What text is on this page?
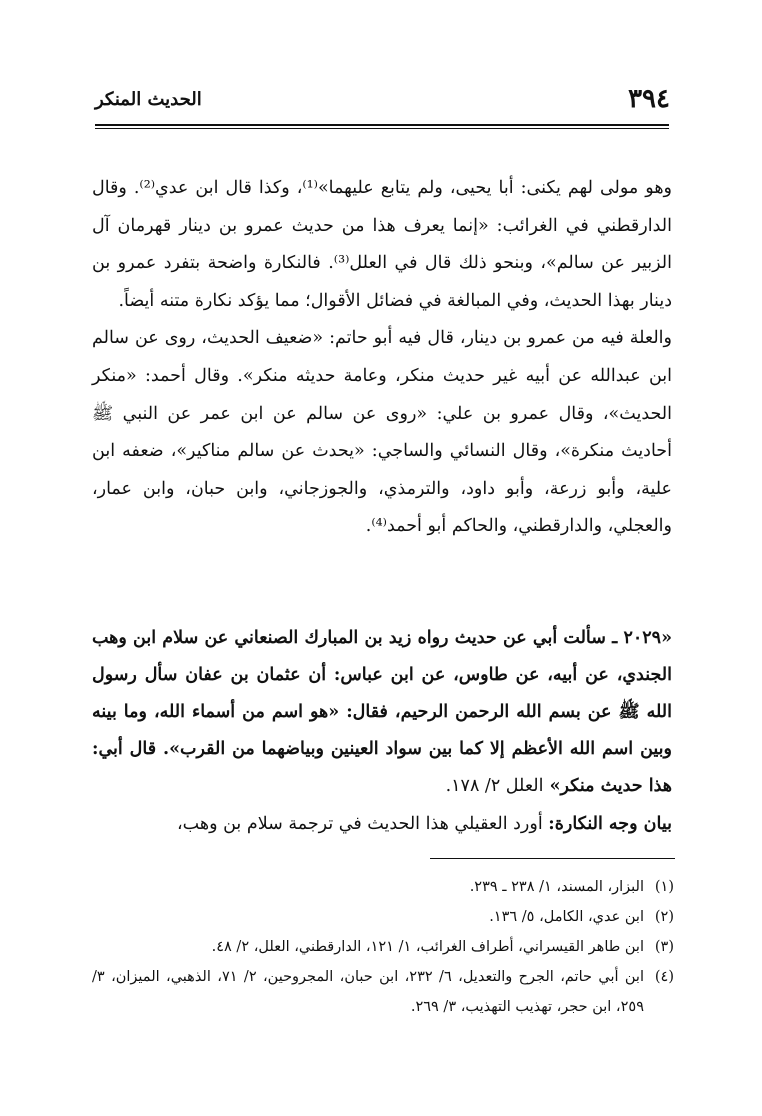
٣٩٤
الحديث المنكر

وهو مولى لهم يكنى: أبا يحيى، ولم يتابع عليهما»⁽¹⁾، وكذا قال ابن عدي⁽²⁾. وقال الدارقطني في الغرائب: «إنما يعرف هذا من حديث عمرو بن دينار قهرمان آل الزبير عن سالم»، وبنحو ذلك قال في العلل⁽³⁾. فالنكارة واضحة بتفرد عمرو بن دينار بهذا الحديث، وفي المبالغة في فضائل الأقوال؛ مما يؤكد نكارة متنه أيضاً.

والعلة فيه من عمرو بن دينار، قال فيه أبو حاتم: «ضعيف الحديث، روى عن سالم ابن عبدالله عن أبيه غير حديث منكر، وعامة حديثه منكر». وقال أحمد: «منكر الحديث»، وقال عمرو بن علي: «روى عن سالم عن ابن عمر عن النبي ﷺ أحاديث منكرة»، وقال النسائي والساجي: «يحدث عن سالم مناكير»، ضعفه ابن علية، وأبو زرعة، وأبو داود، والترمذي، والجوزجاني، وابن حبان، وابن عمار، والعجلي، والدارقطني، والحاكم أبو أحمد⁽⁴⁾.

«٢٠٢٩ ـ سألت أبي عن حديث رواه زيد بن المبارك الصنعاني عن سلام ابن وهب الجندي، عن أبيه، عن طاوس، عن ابن عباس: أن عثمان بن عفان سأل رسول الله ﷺ عن بسم الله الرحمن الرحيم، فقال: «هو اسم من أسماء الله، وما بينه وبين اسم الله الأعظم إلا كما بين سواد العينين وبياضهما من القرب». قال أبي: هذا حديث منكر» العلل ٢/ ١٧٨.

بيان وجه النكارة: أورد العقيلي هذا الحديث في ترجمة سلام بن وهب،

(١)
البزار، المسند، ١/ ٢٣٨ ـ ٢٣٩.
(٢)
ابن عدي، الكامل، ٥/ ١٣٦.
(٣)
ابن طاهر القيسراني، أطراف الغرائب، ١/ ١٢١، الدارقطني، العلل، ٢/ ٤٨.
(٤)
ابن أبي حاتم، الجرح والتعديل، ٦/ ٢٣٢، ابن حبان، المجروحين، ٢/ ٧١، الذهبي، الميزان، ٣/ ٢٥٩، ابن حجر، تهذيب التهذيب، ٣/ ٢٦٩.
